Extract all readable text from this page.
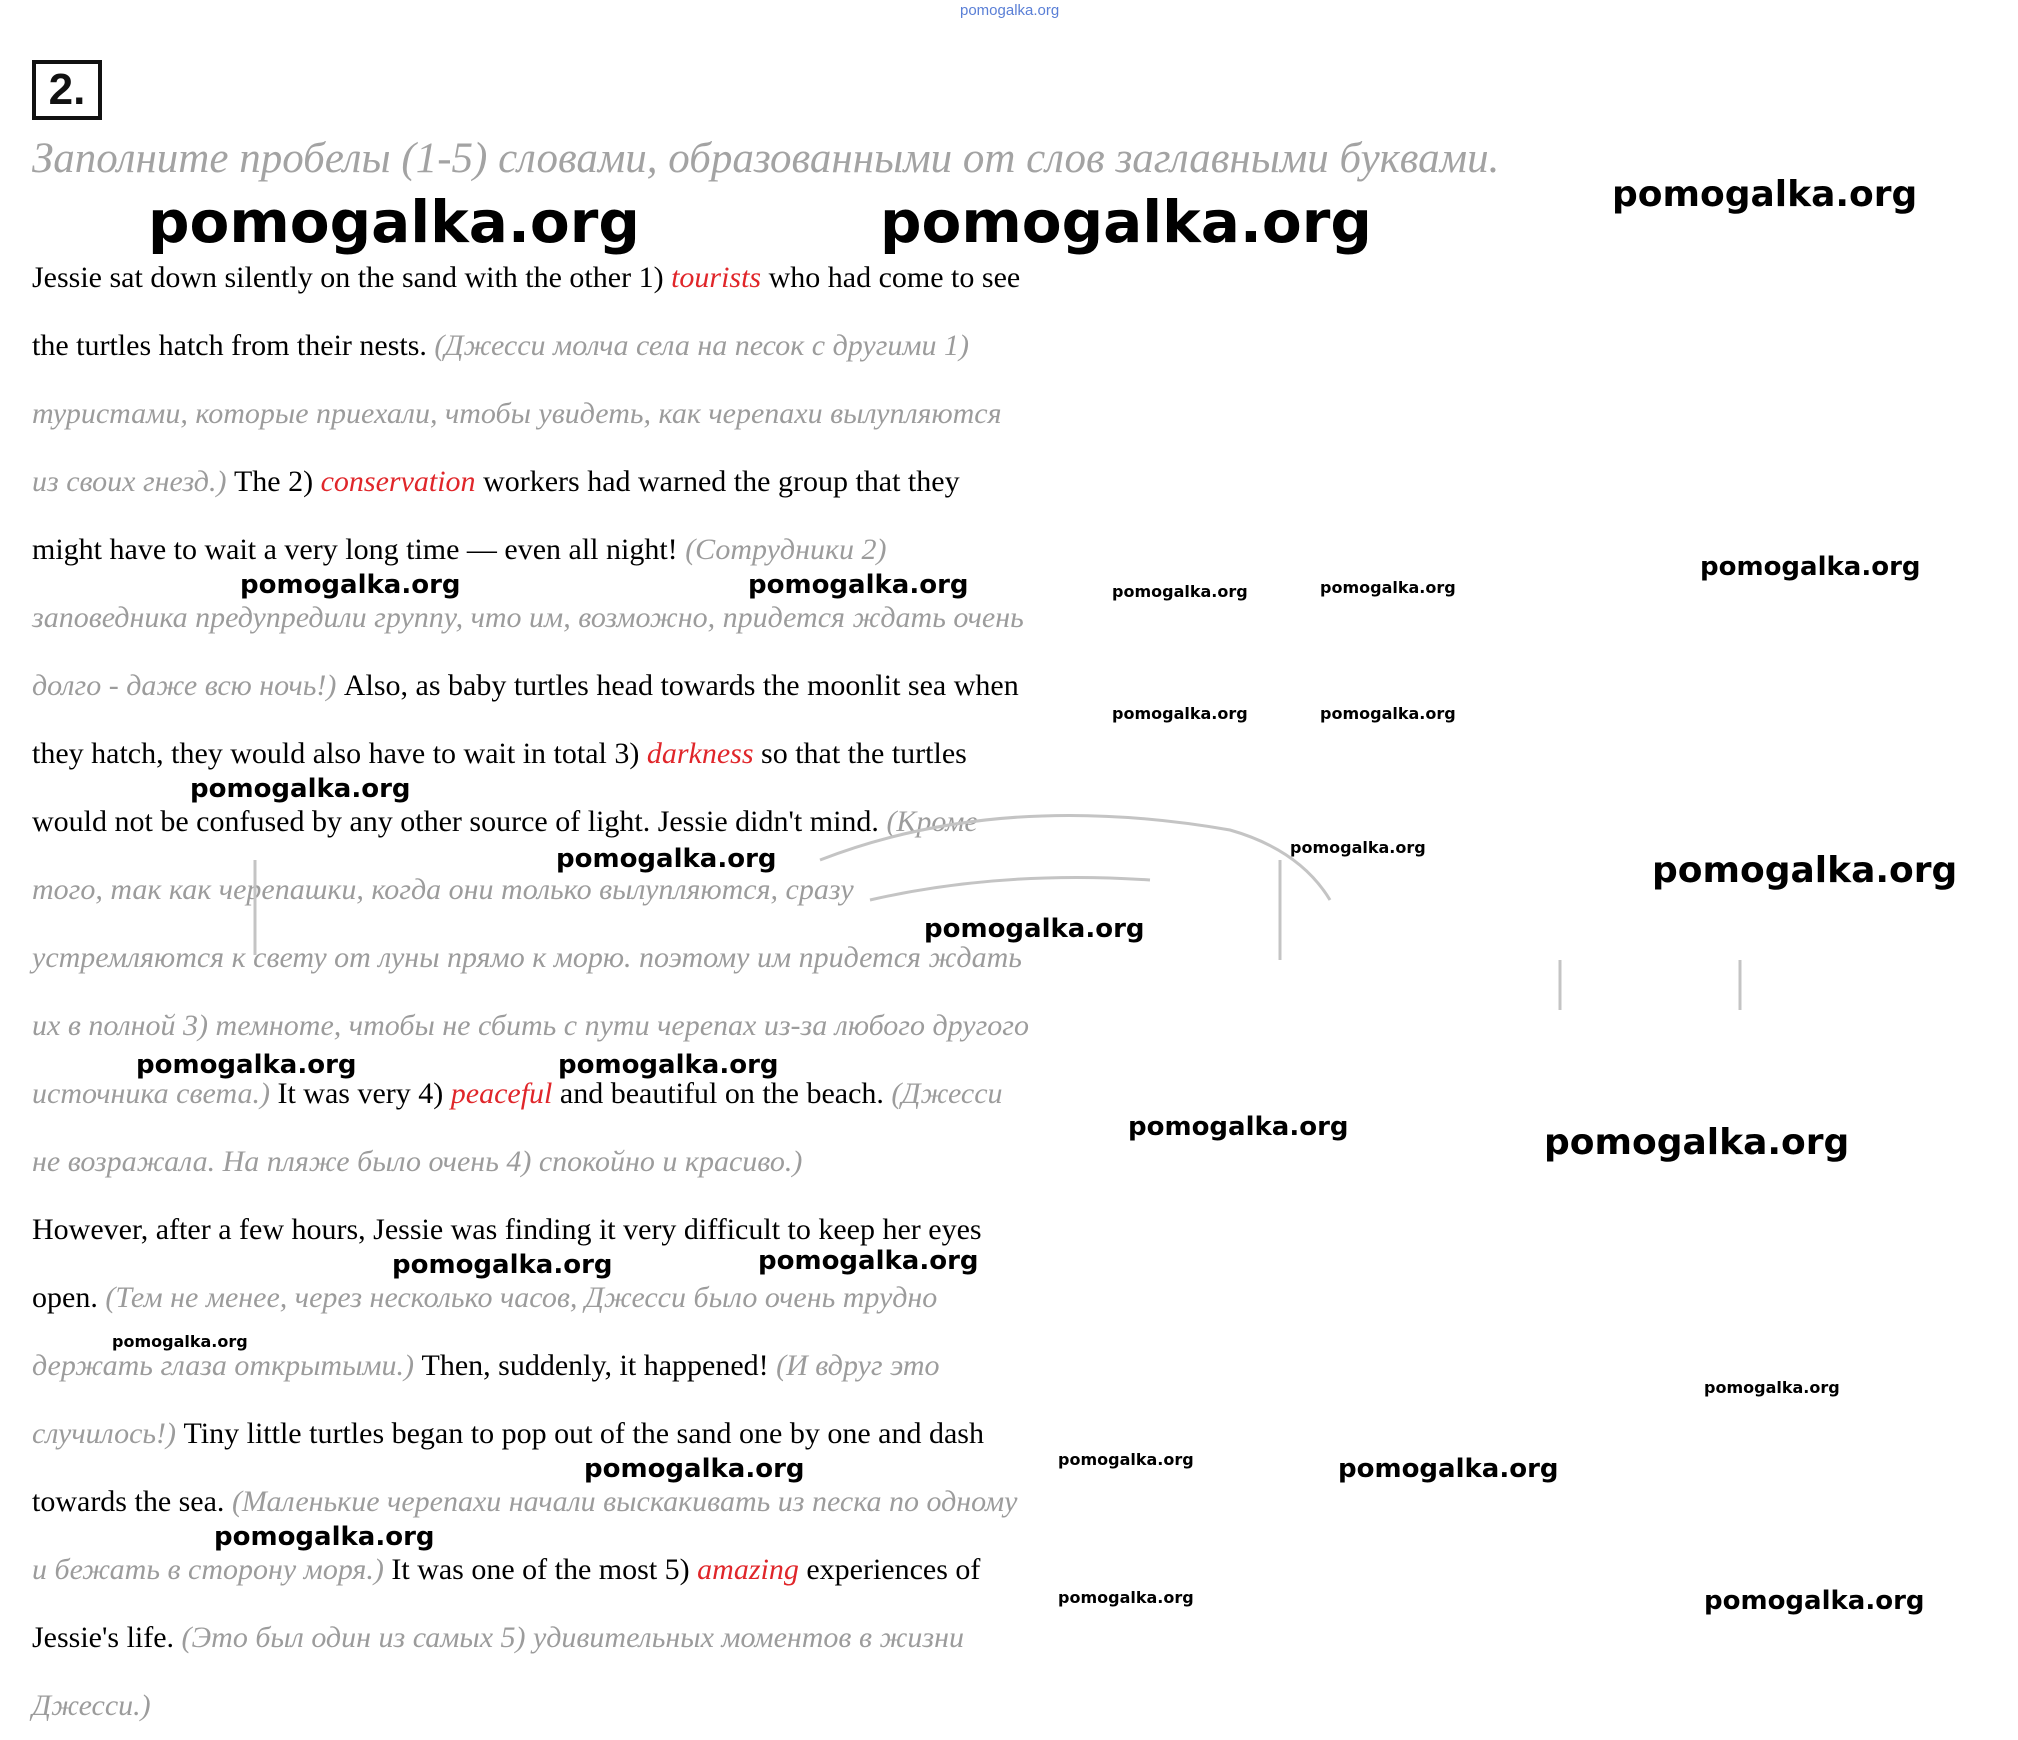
pomogalka.org
2.
Заполните пробелы (1-5) словами, образованными от слов заглавными буквами.
Jessie sat down silently on the sand with the other 1) tourists who had come to see
the turtles hatch from their nests. (Джесси молча села на песок с другими 1)
туристами, которые приехали, чтобы увидеть, как черепахи вылупляются
из своих гнезд.) The 2) conservation workers had warned the group that they
might have to wait a very long time — even all night! (Сотрудники 2)
заповедника предупредили группу, что им, возможно, придется ждать очень
долго - даже всю ночь!) Also, as baby turtles head towards the moonlit sea when
they hatch, they would also have to wait in total 3) darkness so that the turtles
would not be confused by any other source of light. Jessie didn't mind. (Кроме
того, так как черепашки, когда они только вылупляются, сразу
устремляются к свету от луны прямо к морю. поэтому им придется ждать
их в полной 3) темноте, чтобы не сбить с пути черепах из-за любого другого
источника света.) It was very 4) peaceful and beautiful on the beach. (Джесси
не возражала. На пляже было очень 4) спокойно и красиво.)
However, after a few hours, Jessie was finding it very difficult to keep her eyes
open. (Тем не менее, через несколько часов, Джесси было очень трудно
держать глаза открытыми.) Then, suddenly, it happened! (И вдруг это
случилось!) Tiny little turtles began to pop out of the sand one by one and dash
towards the sea. (Маленькие черепахи начали выскакивать из песка по одному
и бежать в сторону моря.) It was one of the most 5) amazing experiences of
Jessie's life. (Это был один из самых 5) удивительных моментов в жизни
Джесси.)
pomogalka.org	pomogalka.org	pomogalka.org
pomogalka.org	pomogalka.org	pomogalka.org	pomogalka.org
pomogalka.org
pomogalka.org	pomogalka.org
pomogalka.org
pomogalka.org	pomogalka.org
pomogalka.org
pomogalka.org
pomogalka.org	pomogalka.org
pomogalka.org	pomogalka.org
pomogalka.org	pomogalka.org
pomogalka.org
pomogalka.org
pomogalka.org	pomogalka.org	pomogalka.org
pomogalka.org
pomogalka.org	pomogalka.org
